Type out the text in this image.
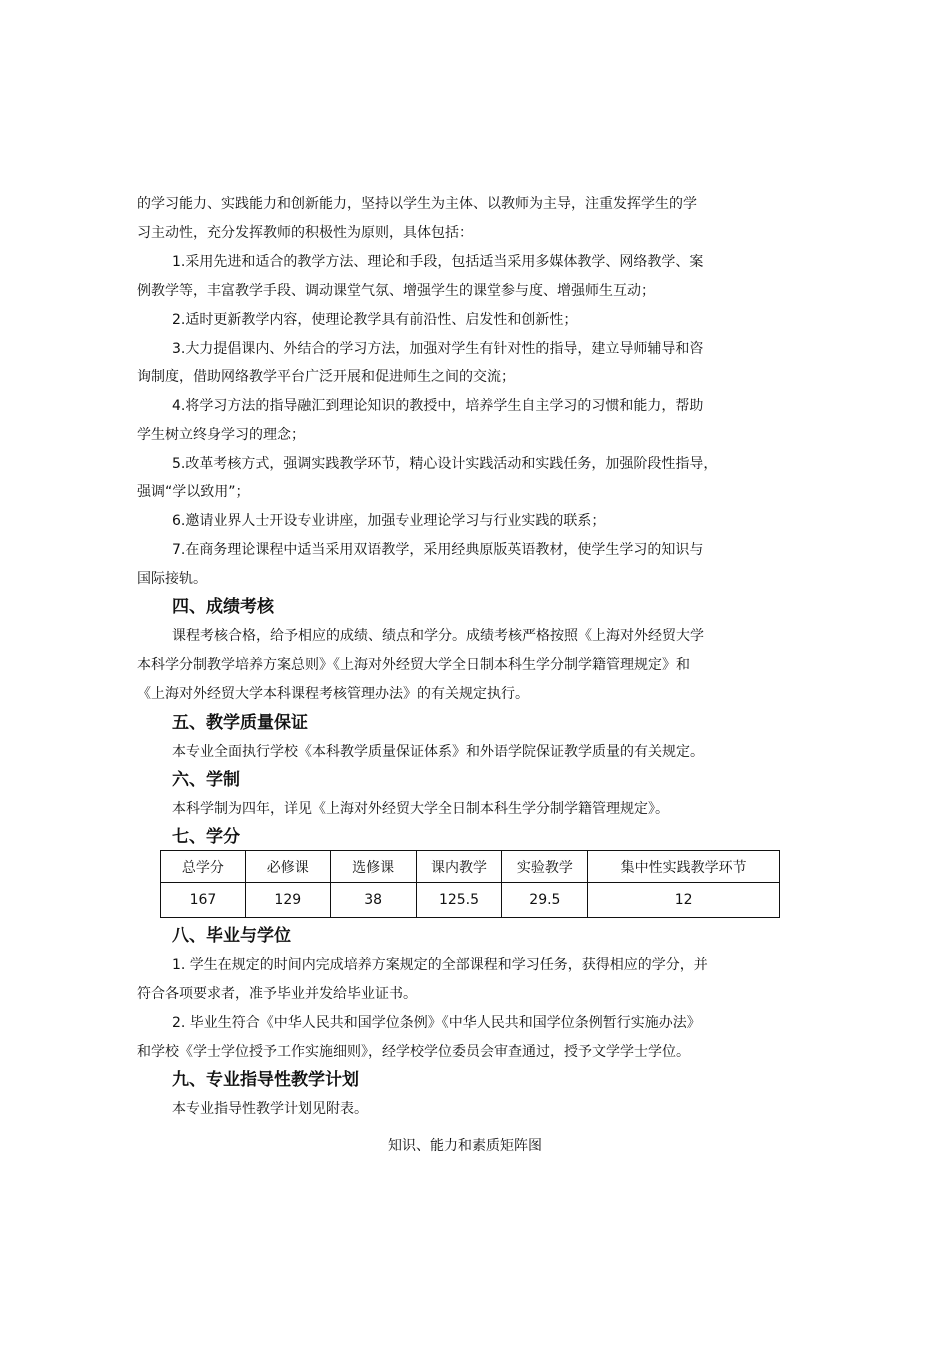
的学习能力、实践能力和创新能力，坚持以学生为主体、以教师为主导，注重发挥学生的学

习主动性，充分发挥教师的积极性为原则，具体包括：

1.采用先进和适合的教学方法、理论和手段，包括适当采用多媒体教学、网络教学、案

例教学等，丰富教学手段、调动课堂气氛、增强学生的课堂参与度、增强师生互动；

2.适时更新教学内容，使理论教学具有前沿性、启发性和创新性；

3.大力提倡课内、外结合的学习方法，加强对学生有针对性的指导，建立导师辅导和咨

询制度，借助网络教学平台广泛开展和促进师生之间的交流；

4.将学习方法的指导融汇到理论知识的教授中，培养学生自主学习的习惯和能力，帮助

学生树立终身学习的理念；

5.改革考核方式，强调实践教学环节，精心设计实践活动和实践任务，加强阶段性指导，

强调“学以致用”；

6.邀请业界人士开设专业讲座，加强专业理论学习与行业实践的联系；

7.在商务理论课程中适当采用双语教学，采用经典原版英语教材，使学生学习的知识与

国际接轨。

四、成绩考核

课程考核合格，给予相应的成绩、绩点和学分。成绩考核严格按照《上海对外经贸大学

本科学分制教学培养方案总则》《上海对外经贸大学全日制本科生学分制学籍管理规定》和

《上海对外经贸大学本科课程考核管理办法》的有关规定执行。

五、教学质量保证

本专业全面执行学校《本科教学质量保证体系》和外语学院保证教学质量的有关规定。

六、学制

本科学制为四年，详见《上海对外经贸大学全日制本科生学分制学籍管理规定》。

七、学分
总学分	必修课	选修课	课内教学	实验教学	集中性实践教学环节
167	129	38	125.5	29.5	12
八、毕业与学位

1. 学生在规定的时间内完成培养方案规定的全部课程和学习任务，获得相应的学分，并

符合各项要求者，准予毕业并发给毕业证书。

2. 毕业生符合《中华人民共和国学位条例》《中华人民共和国学位条例暂行实施办法》

和学校《学士学位授予工作实施细则》，经学校学位委员会审查通过，授予文学学士学位。

九、专业指导性教学计划

本专业指导性教学计划见附表。

知识、能力和素质矩阵图
